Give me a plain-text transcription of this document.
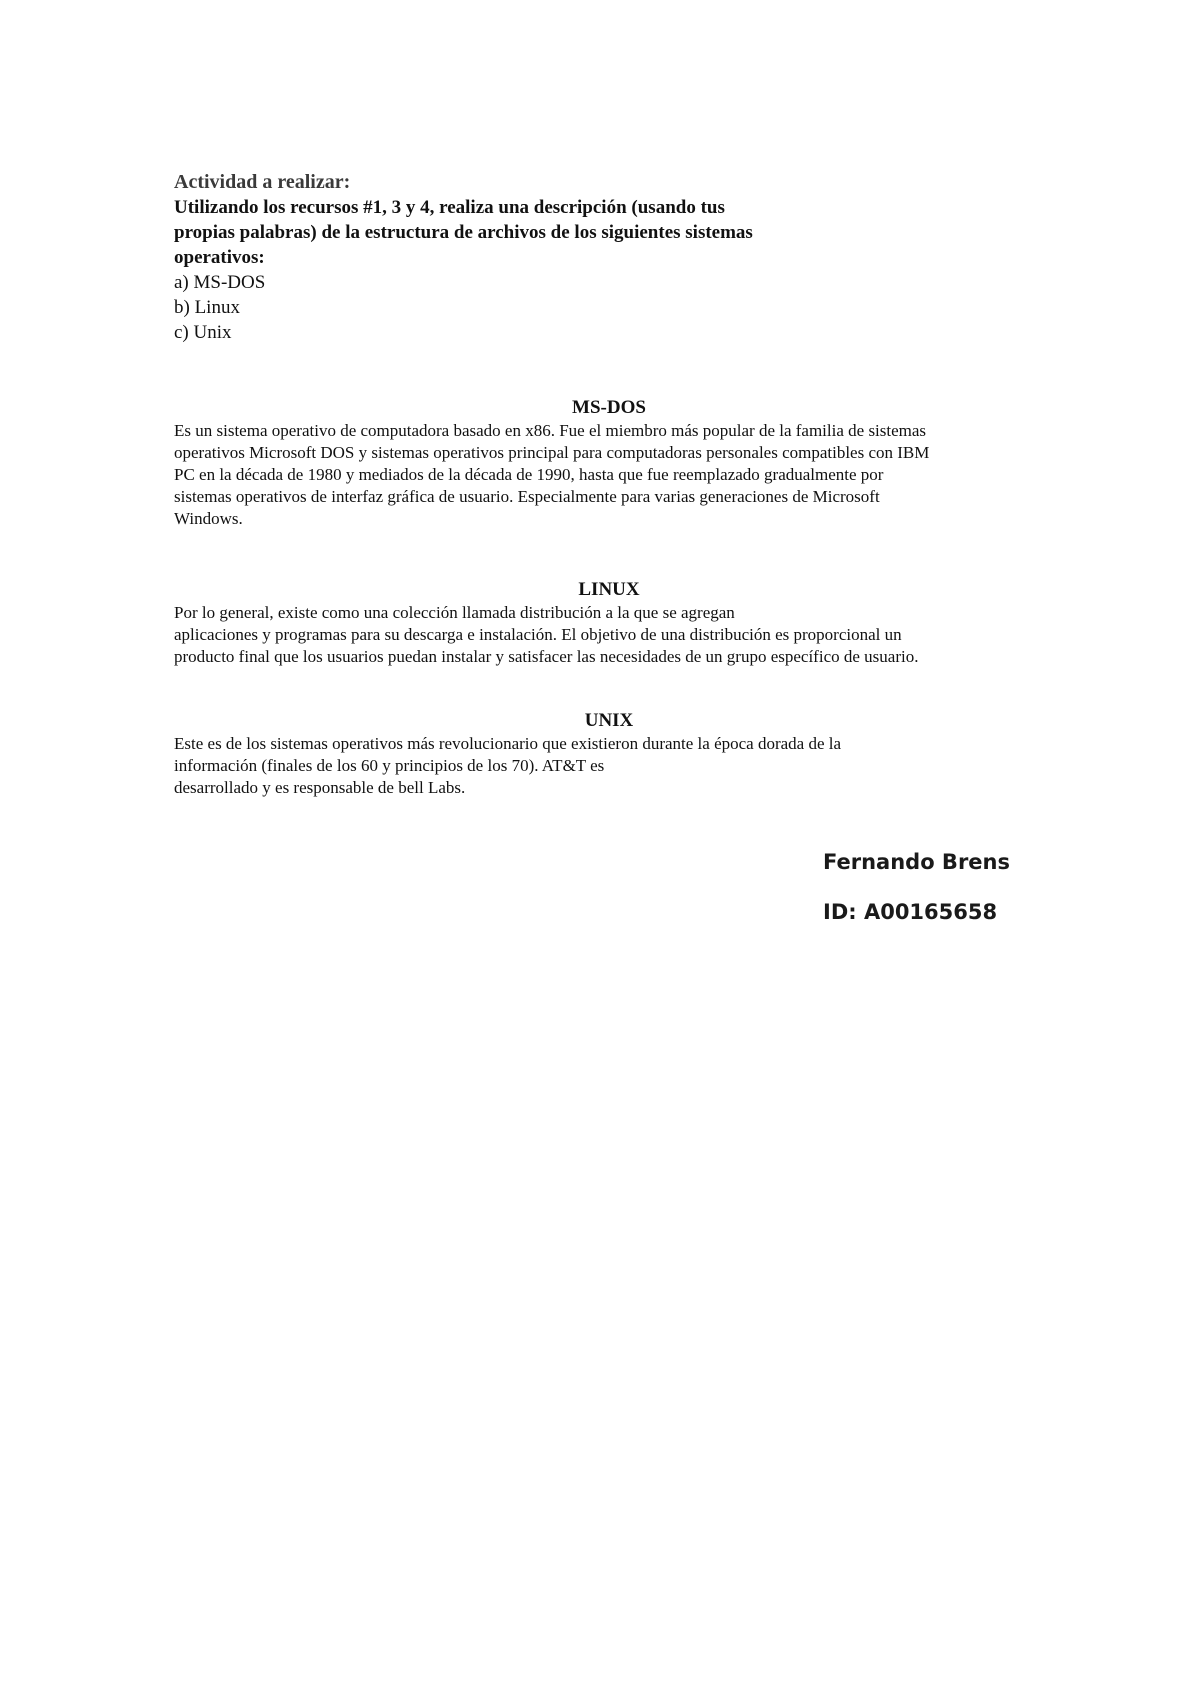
Actividad a realizar:
Utilizando los recursos #1, 3 y 4, realiza una descripción (usando tus
propias palabras) de la estructura de archivos de los siguientes sistemas
operativos:
a) MS-DOS
b) Linux
c) Unix
MS-DOS

Es un sistema operativo de computadora basado en x86. Fue el miembro más popular de la familia de sistemas

operativos Microsoft DOS y sistemas operativos principal para computadoras personales compatibles con IBM

PC en la década de 1980 y mediados de la década de 1990, hasta que fue reemplazado gradualmente por

sistemas operativos de interfaz gráfica de usuario. Especialmente para varias generaciones de Microsoft

Windows.

LINUX

Por lo general, existe como una colección llamada distribución a la que se agregan

aplicaciones y programas para su descarga e instalación. El objetivo de una distribución es proporcional un

producto final que los usuarios puedan instalar y satisfacer las necesidades de un grupo específico de usuario.

UNIX

Este es de los sistemas operativos más revolucionario que existieron durante la época dorada de la

información (finales de los 60 y principios de los 70). AT&T es

desarrollado y es responsable de bell Labs.

Fernando Brens
ID: A00165658
